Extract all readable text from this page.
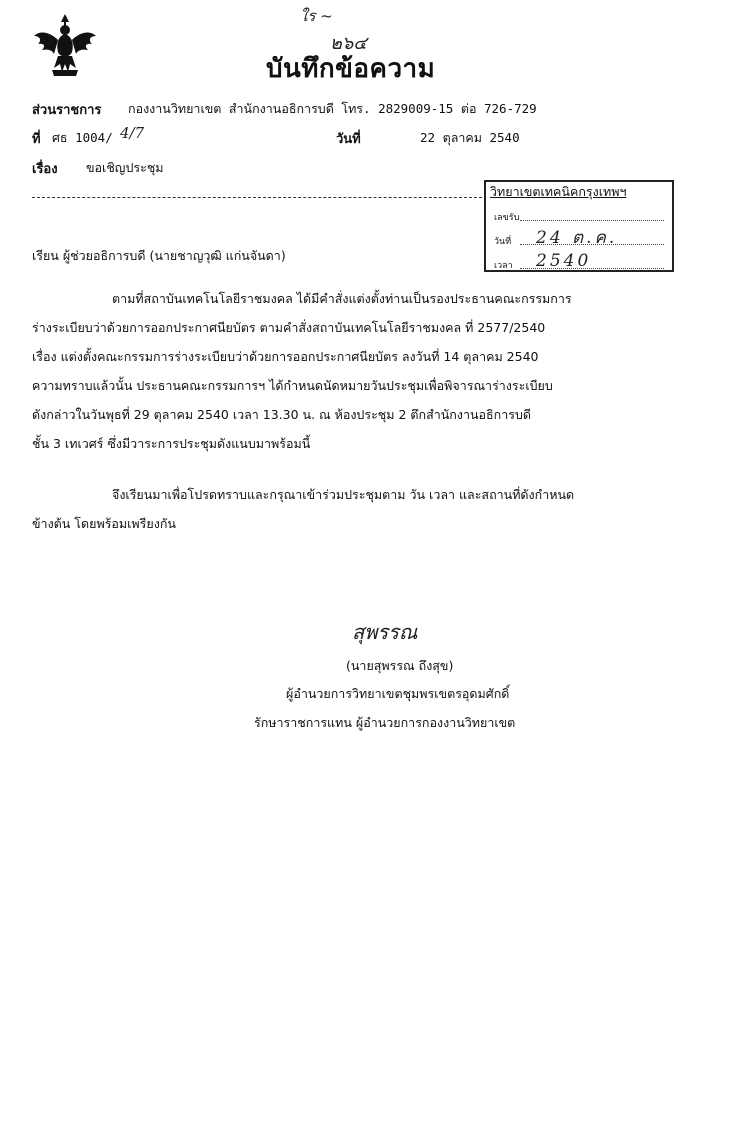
ใร ~
๒๖๔
บันทึกข้อความ
ส่วนราชการ กองงานวิทยาเขต สำนักงานอธิการบดี โทร. 2829009-15 ต่อ 726-729
ที่ ศธ 1004/ 4/7	วันที่	22 ตุลาคม 2540
เรื่อง ขอเชิญประชุม
วิทยาเขตเทคนิคกรุงเทพฯ
เลขรับ
วันที่ 24 ต.ค. 2540
เวลา
เรียน ผู้ช่วยอธิการบดี (นายชาญวุฒิ แก่นจันดา)
ตามที่สถาบันเทคโนโลยีราชมงคล ได้มีคำสั่งแต่งตั้งท่านเป็นรองประธานคณะกรรมการ
ร่างระเบียบว่าด้วยการออกประกาศนียบัตร ตามคำสั่งสถาบันเทคโนโลยีราชมงคล ที่ 2577/2540
เรื่อง แต่งตั้งคณะกรรมการร่างระเบียบว่าด้วยการออกประกาศนียบัตร ลงวันที่ 14 ตุลาคม 2540
ความทราบแล้วนั้น ประธานคณะกรรมการฯ ได้กำหนดนัดหมายวันประชุมเพื่อพิจารณาร่างระเบียบ
ดังกล่าวในวันพุธที่ 29 ตุลาคม 2540 เวลา 13.30 น. ณ ห้องประชุม 2 ตึกสำนักงานอธิการบดี
ชั้น 3 เทเวศร์ ซึ่งมีวาระการประชุมดังแนบมาพร้อมนี้
จึงเรียนมาเพื่อโปรดทราบและกรุณาเข้าร่วมประชุมตาม วัน เวลา และสถานที่ดังกำหนด
ข้างต้น โดยพร้อมเพรียงกัน
สุพรรณ
(นายสุพรรณ ถึงสุข)
ผู้อำนวยการวิทยาเขตชุมพรเขตรอุดมศักดิ์
รักษาราชการแทน ผู้อำนวยการกองงานวิทยาเขต
